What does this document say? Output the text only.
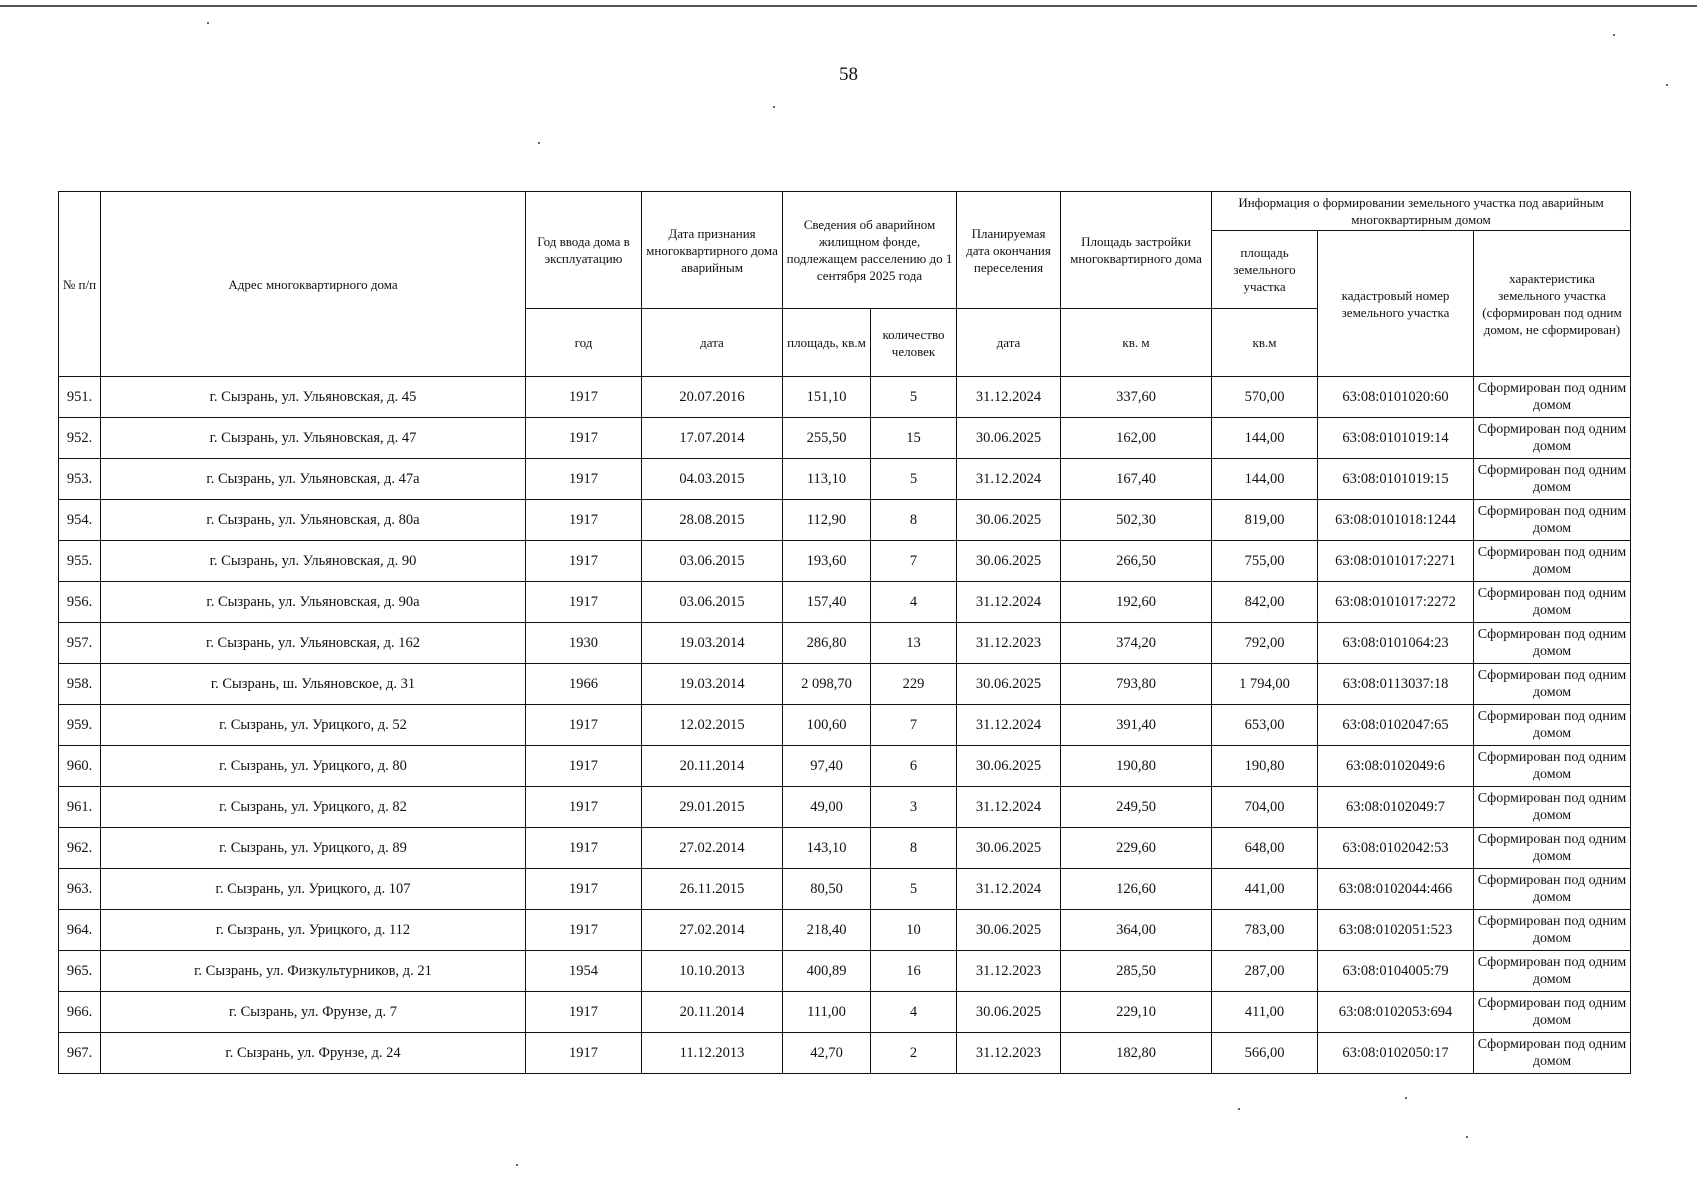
58
№ п/п	Адрес многоквартирного дома	Год ввода дома в эксплуатацию	Дата признания многоквартирного дома аварийным	Сведения об аварийном жилищном фонде, подлежащем расселению до 1 сентября 2025 года		Планируемая дата окончания переселения	Площадь застройки многоквартирного дома	Информация о формировании земельного участка под аварийным многоквартирным домом		
								площадь земельного участка	кадастровый номер земельного участка	характеристика земельного участка (сформирован под одним домом, не сформирован)
		год	дата	площадь, кв.м	количество человек	дата	кв. м	кв.м		
951.	г. Сызрань, ул. Ульяновская, д. 45	1917	20.07.2016	151,10	5	31.12.2024	337,60	570,00	63:08:0101020:60	Сформирован под одним домом
952.	г. Сызрань, ул. Ульяновская, д. 47	1917	17.07.2014	255,50	15	30.06.2025	162,00	144,00	63:08:0101019:14	Сформирован под одним домом
953.	г. Сызрань, ул. Ульяновская, д. 47а	1917	04.03.2015	113,10	5	31.12.2024	167,40	144,00	63:08:0101019:15	Сформирован под одним домом
954.	г. Сызрань, ул. Ульяновская, д. 80а	1917	28.08.2015	112,90	8	30.06.2025	502,30	819,00	63:08:0101018:1244	Сформирован под одним домом
955.	г. Сызрань, ул. Ульяновская, д. 90	1917	03.06.2015	193,60	7	30.06.2025	266,50	755,00	63:08:0101017:2271	Сформирован под одним домом
956.	г. Сызрань, ул. Ульяновская, д. 90а	1917	03.06.2015	157,40	4	31.12.2024	192,60	842,00	63:08:0101017:2272	Сформирован под одним домом
957.	г. Сызрань, ул. Ульяновская, д. 162	1930	19.03.2014	286,80	13	31.12.2023	374,20	792,00	63:08:0101064:23	Сформирован под одним домом
958.	г. Сызрань, ш. Ульяновское, д. 31	1966	19.03.2014	2 098,70	229	30.06.2025	793,80	1 794,00	63:08:0113037:18	Сформирован под одним домом
959.	г. Сызрань, ул. Урицкого, д. 52	1917	12.02.2015	100,60	7	31.12.2024	391,40	653,00	63:08:0102047:65	Сформирован под одним домом
960.	г. Сызрань, ул. Урицкого, д. 80	1917	20.11.2014	97,40	6	30.06.2025	190,80	190,80	63:08:0102049:6	Сформирован под одним домом
961.	г. Сызрань, ул. Урицкого, д. 82	1917	29.01.2015	49,00	3	31.12.2024	249,50	704,00	63:08:0102049:7	Сформирован под одним домом
962.	г. Сызрань, ул. Урицкого, д. 89	1917	27.02.2014	143,10	8	30.06.2025	229,60	648,00	63:08:0102042:53	Сформирован под одним домом
963.	г. Сызрань, ул. Урицкого, д. 107	1917	26.11.2015	80,50	5	31.12.2024	126,60	441,00	63:08:0102044:466	Сформирован под одним домом
964.	г. Сызрань, ул. Урицкого, д. 112	1917	27.02.2014	218,40	10	30.06.2025	364,00	783,00	63:08:0102051:523	Сформирован под одним домом
965.	г. Сызрань, ул. Физкультурников, д. 21	1954	10.10.2013	400,89	16	31.12.2023	285,50	287,00	63:08:0104005:79	Сформирован под одним домом
966.	г. Сызрань, ул. Фрунзе, д. 7	1917	20.11.2014	111,00	4	30.06.2025	229,10	411,00	63:08:0102053:694	Сформирован под одним домом
967.	г. Сызрань, ул. Фрунзе, д. 24	1917	11.12.2013	42,70	2	31.12.2023	182,80	566,00	63:08:0102050:17	Сформирован под одним домом
